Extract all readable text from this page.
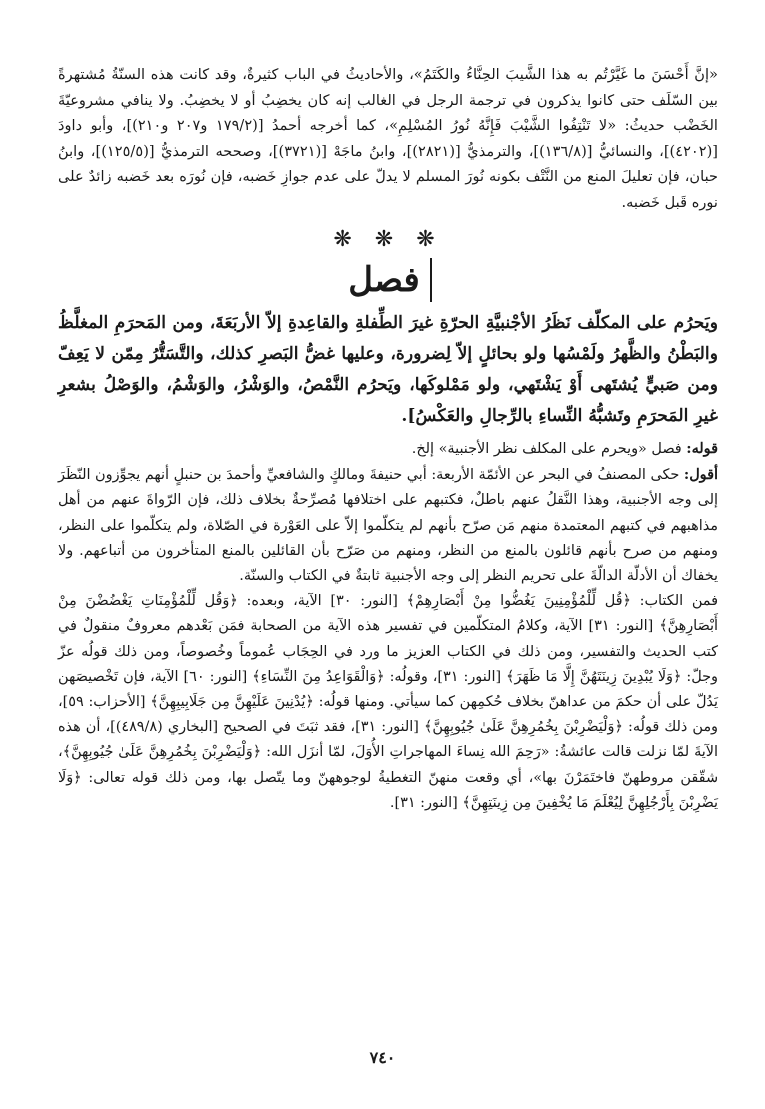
«إنَّ أَحْسَنَ ما غَيَّرْتُم به هذا الشَّيبَ الحِنَّاءُ والكَتَمُ»، والأحاديثُ في الباب كثيرةٌ، وقد كانت هذه السنّةُ مُشتهرةً بين السّلَف حتى كانوا يذكرون في ترجمة الرجل في الغالب إنه كان يخضِبُ أو لا يخضِبُ. ولا ينافي مشروعيّةَ الخَضْب حديثُ: «لا تَنْتِفُوا الشَّيْبَ فَإِنَّهُ نُورُ المُسْلِمِ»، كما أخرجه أحمدُ [(١٧٩/٢ و٢٠٧ و٢١٠)]، وأبو داودَ [(٤٢٠٢)]، والنسائيُّ [(١٣٦/٨)]، والترمذيُّ [(٢٨٢١)]، وابنُ ماجَهْ [(٣٧٢١)]، وصححه الترمذيُّ [(١٢٥/٥)]، وابنُ حبان، فإن تعليلَ المنع من النَّتْف بكونه نُورَ المسلم لا يدلّ على عدم جوازِ خَضبه، فإن نُورَه بعد خَضبه زائدٌ على نوره قَبل خَضبه.

❋ ❋ ❋
فصل

ويَحرُم على المكلّف نَظَرُ الأجْنبيَّةِ الحرّةِ غيرَ الطِّفلةِ والقاعِدةِ إلاّ الأربَعَةَ، ومن المَحرَمِ المغلَّظُ والبَطْنُ والظَّهرُ ولَمْسُها ولو بحائلٍ إلاّ لِضرورة، وعليها غضُّ البَصرِ كذلك، والتَّسَتُّرُ مِمّن لا يَعِفّ ومن صَبيٍّ يُشتَهى أَوْ يَشْتَهي، ولو مَمْلوكَها، ويَحرُم النَّمْصُ، والوَشْرُ، والوَشْمُ، والوَصْلُ بشعرِ غيرِ المَحرَمِ وتَشبُّهُ النِّساءِ بالرِّجالِ والعَكْسُ].

قوله: فصل «ويحرم على المكلف نظر الأجنبية» إلخ.

أقول: حكى المصنفُ في البحر عن الأئمّة الأربعة: أبي حنيفةَ ومالكٍ والشافعيِّ وأحمدَ بن حنبلٍ أنهم يجوِّزون النّظَرَ إلى وجه الأجنبية، وهذا النَّقلُ عنهم باطلٌ، فكتبهم على اختلافها مُصرِّحةٌ بخلاف ذلك، فإن الرّواةَ عنهم من أهل مذاهبهم في كتبهم المعتمدة منهم مَن صرّح بأنهم لم يتكلّموا إلاّ على العَوْرة في الصّلاة، ولم يتكلّموا على النظر، ومنهم من صرح بأنهم قائلون بالمنع من النظر، ومنهم من صَرّح بأن القائلين بالمنع المتأخرون من أتباعهم. ولا يخفاك أن الأدلّة الدالّةَ على تحريم النظر إلى وجه الأجنبية ثابتةٌ في الكتاب والسنّة.

فمن الكتاب: ﴿قُل لِّلْمُؤْمِنِينَ يَغُضُّوا مِنْ أَبْصَارِهِمْ﴾ [النور: ٣٠] الآية، وبعده: ﴿وَقُل لِّلْمُؤْمِنَاتِ يَغْضُضْنَ مِنْ أَبْصَارِهِنَّ﴾ [النور: ٣١] الآية، وكلامُ المتكلّمين في تفسير هذه الآية من الصحابة فمَن بَعْدهم معروفٌ منقولٌ في كتب الحديث والتفسير، ومن ذلك في الكتاب العزيز ما ورد في الحِجَاب عُموماً وخُصوصاً، ومن ذلك قولُه عزّ وجلّ: ﴿وَلَا يُبْدِينَ زِينَتَهُنَّ إِلَّا مَا ظَهَرَ﴾ [النور: ٣١]، وقولُه: ﴿وَالْقَوَاعِدُ مِنَ النِّسَاءِ﴾ [النور: ٦٠] الآية، فإن تَخْصيصَهن يَدُلّ على أن حكمَ من عداهنّ بخلاف حُكمِهن كما سيأتي. ومنها قولُه: ﴿يُدْنِينَ عَلَيْهِنَّ مِن جَلَابِيبِهِنَّ﴾ [الأحزاب: ٥٩]، ومن ذلك قولُه: ﴿وَلْيَضْرِبْنَ بِخُمُرِهِنَّ عَلَىٰ جُيُوبِهِنَّ﴾ [النور: ٣١]، فقد ثبَتَ في الصحيح [البخاري (٤٨٩/٨)]، أن هذه الآيةَ لمّا نزلت قالت عائشةُ: «رَحِمَ الله نِساءَ المهاجراتِ الأُوَلَ، لمّا أنزَل الله: ﴿وَلْيَضْرِبْنَ بِخُمُرِهِنَّ عَلَىٰ جُيُوبِهِنَّ﴾، شقّقن مروطهنّ فاختَمَرْنَ بها»، أي وقعت منهنّ التغطيةُ لوجوههنّ وما يتّصل بها، ومن ذلك قوله تعالى: ﴿وَلَا يَضْرِبْنَ بِأَرْجُلِهِنَّ لِيُعْلَمَ مَا يُخْفِينَ مِن زِينَتِهِنَّ﴾ [النور: ٣١].

٧٤٠
